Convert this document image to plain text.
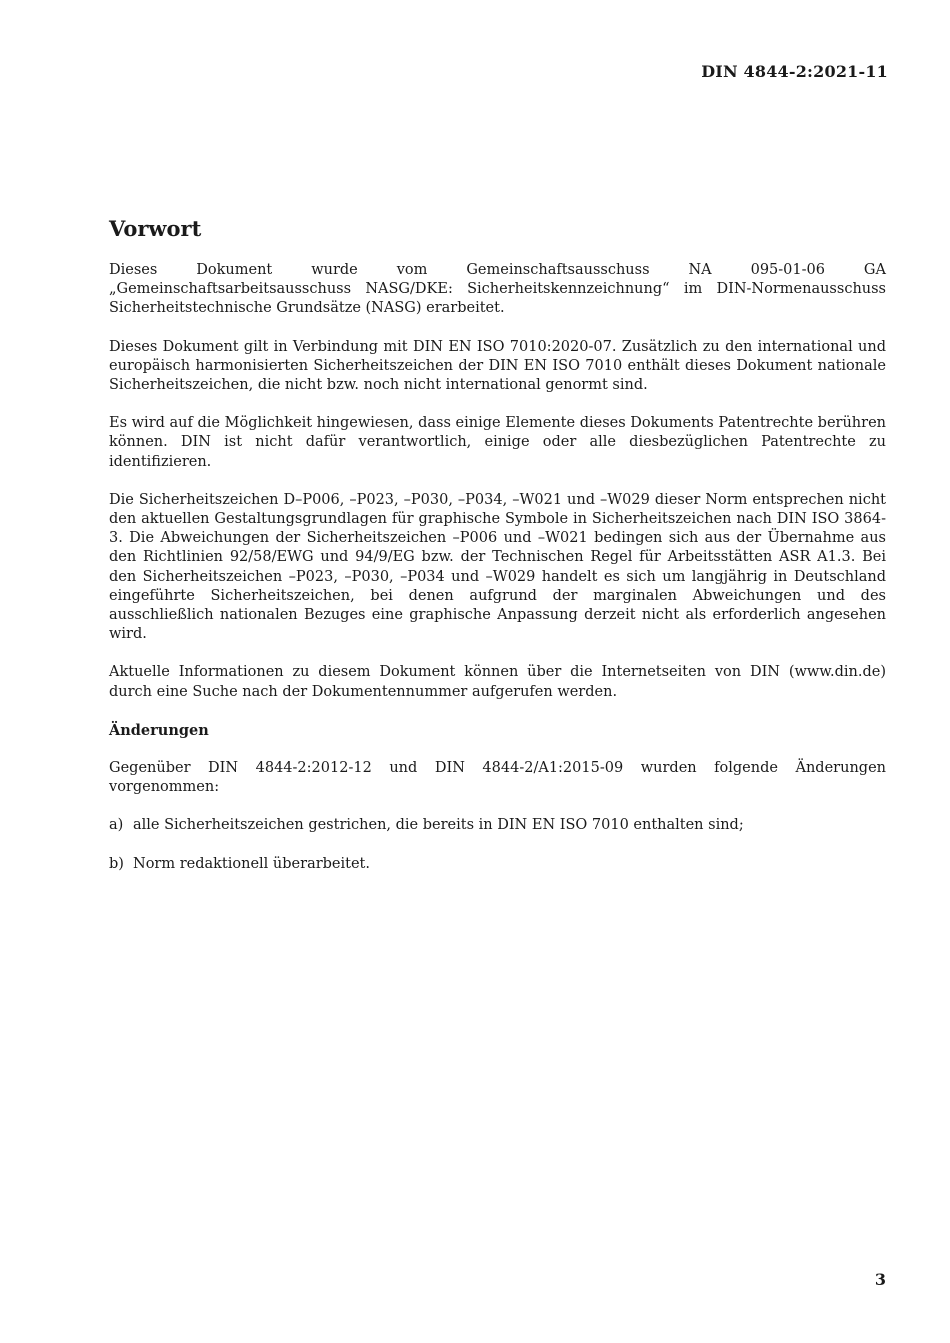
DIN 4844-2:2021-11
Vorwort

Dieses Dokument wurde vom Gemeinschaftsausschuss NA 095-01-06 GA „Gemeinschaftsarbeitsausschuss NASG/DKE: Sicherheitskennzeichnung“ im DIN-Normenausschuss Sicherheitstechnische Grundsätze (NASG) erarbeitet.

Dieses Dokument gilt in Verbindung mit DIN EN ISO 7010:2020-07. Zusätzlich zu den international und europäisch harmonisierten Sicherheitszeichen der DIN EN ISO 7010 enthält dieses Dokument nationale Sicherheitszeichen, die nicht bzw. noch nicht international genormt sind.

Es wird auf die Möglichkeit hingewiesen, dass einige Elemente dieses Dokuments Patentrechte berühren können. DIN ist nicht dafür verantwortlich, einige oder alle diesbezüglichen Patentrechte zu identifizieren.

Die Sicherheitszeichen D–P006, –P023, –P030, –P034, –W021 und –W029 dieser Norm entsprechen nicht den aktuellen Gestaltungsgrundlagen für graphische Symbole in Sicherheitszeichen nach DIN ISO 3864-3. Die Abweichungen der Sicherheitszeichen –P006 und –W021 bedingen sich aus der Übernahme aus den Richtlinien 92/58/EWG und 94/9/EG bzw. der Technischen Regel für Arbeitsstätten ASR A1.3. Bei den Sicherheitszeichen –P023, –P030, –P034 und –W029 handelt es sich um langjährig in Deutschland eingeführte Sicherheitszeichen, bei denen aufgrund der marginalen Abweichungen und des ausschließlich nationalen Bezuges eine graphische Anpassung derzeit nicht als erforderlich angesehen wird.

Aktuelle Informationen zu diesem Dokument können über die Internetseiten von DIN (www.din.de) durch eine Suche nach der Dokumentennummer aufgerufen werden.

Änderungen

Gegenüber DIN 4844-2:2012-12 und DIN 4844-2/A1:2015-09 wurden folgende Änderungen vorgenommen:

a) alle Sicherheitszeichen gestrichen, die bereits in DIN EN ISO 7010 enthalten sind;
b) Norm redaktionell überarbeitet.
3
